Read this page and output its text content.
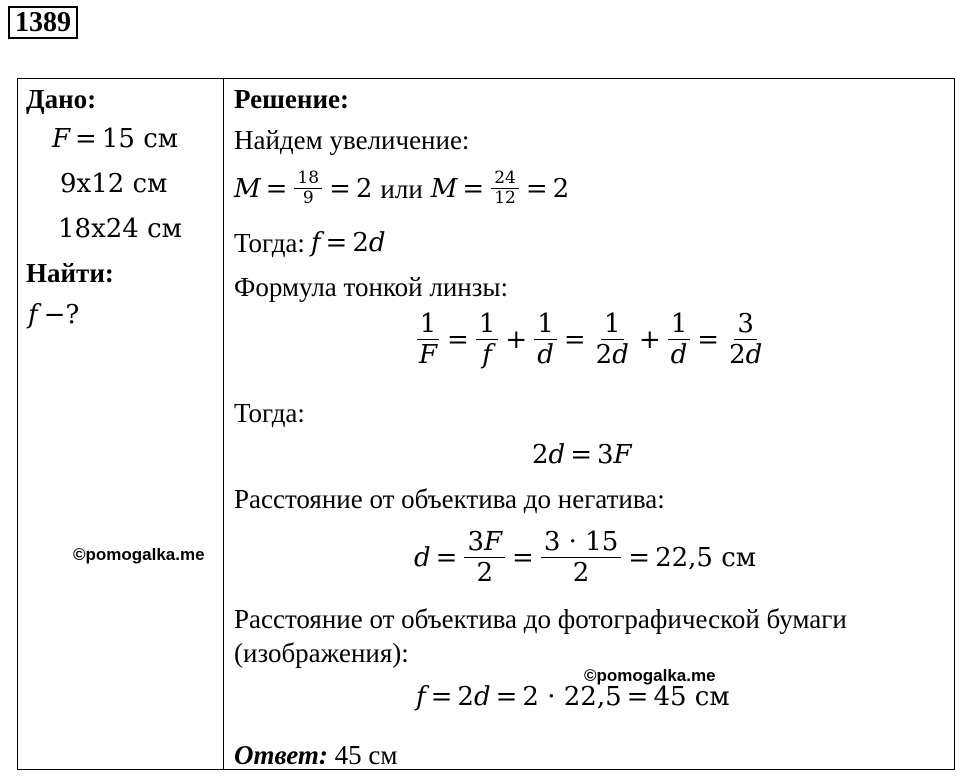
1389
Дано:
F = 15 см
9x12 см
18x24 см
Найти:
f −?
Решение:
Найдем увеличение:
$M = \frac{18}{9} = 2$ или $M = \frac{24}{12} = 2$
Тогда: f = 2 d
Формула тонкой линзы:
$\frac{1}{F} = \frac{1}{f} + \frac{1}{d} = \frac{1}{2d} + \frac{1}{d} = \frac{3}{2d}$
Тогда:
2 d = 3 F
Расстояние от объектива до негатива:
$d = \frac{3F}{2} = \frac{3 \cdot 15}{2} = 22,5$ см
Расстояние от объектива до фотографической бумаги
(изображения):
f = 2 d = 2 · 22,5 = 45 см
Ответ: 45 см
©pomogalka.me
©pomogalka.me
